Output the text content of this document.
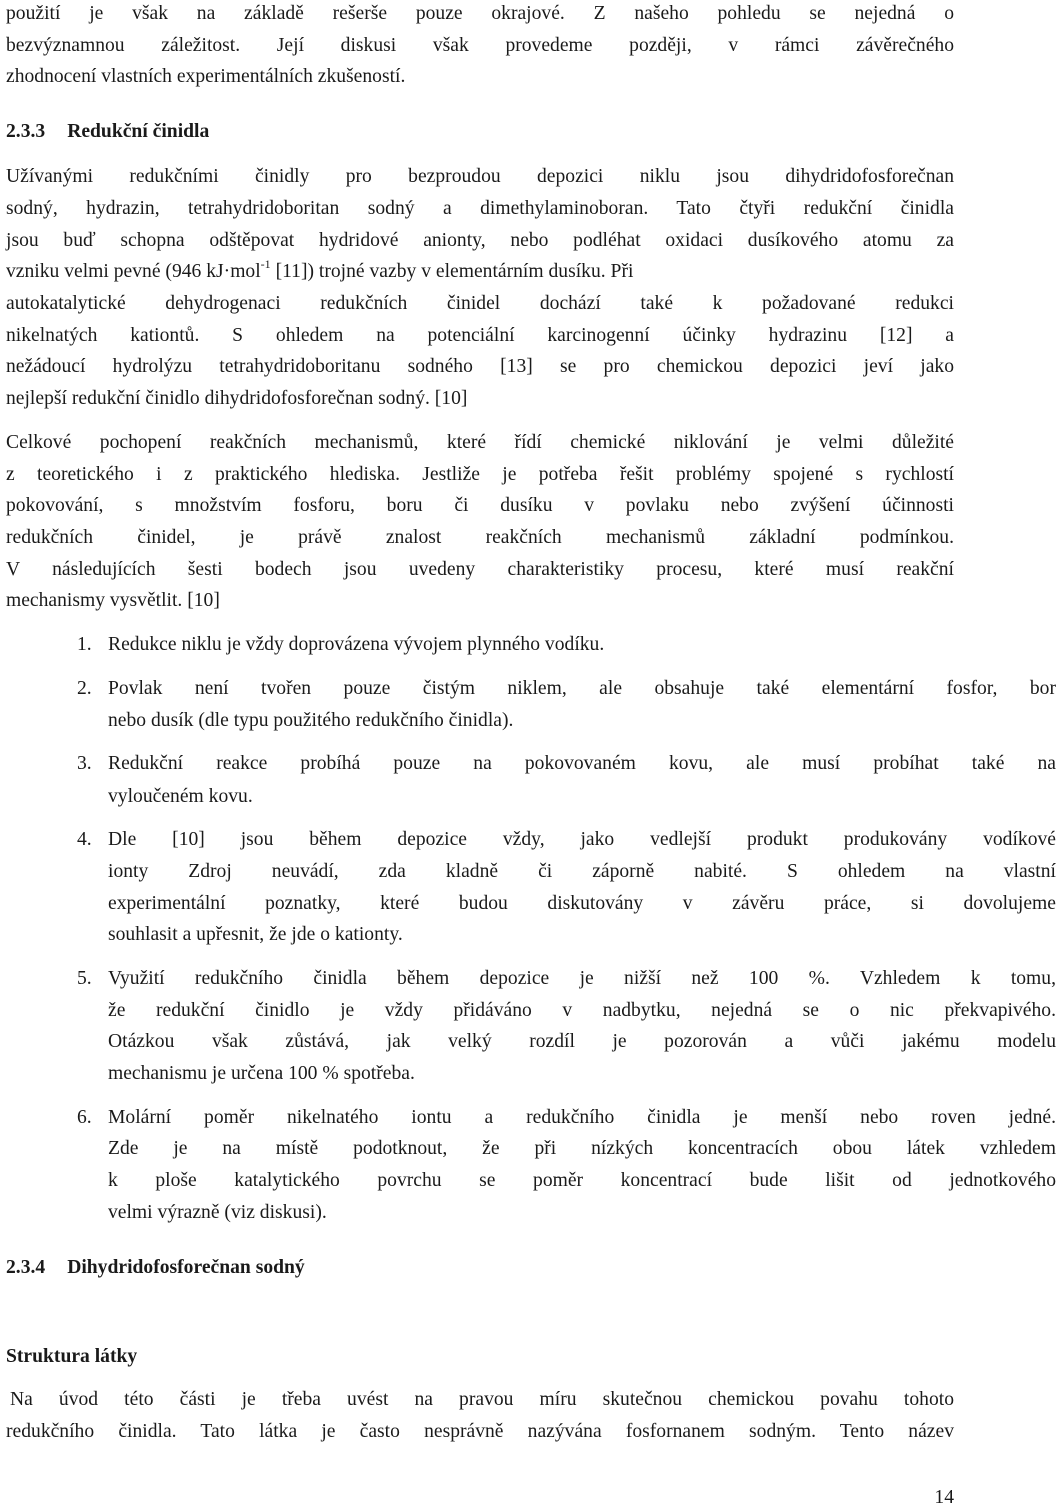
použití je však na základě rešerše pouze okrajové. Z našeho pohledu se nejedná o
bezvýznamnou záležitost. Její diskusi však provedeme později, v rámci závěrečného
zhodnocení vlastních experimentálních zkušeností.
2.3.3 Redukční činidla
Užívanými redukčními činidly pro bezproudou depozici niklu jsou dihydridofosforečnan
sodný, hydrazin, tetrahydridoboritan sodný a dimethylaminoboran. Tato čtyři redukční činidla
jsou buď schopna odštěpovat hydridové anionty, nebo podléhat oxidaci dusíkového atomu za
vzniku velmi pevné (946 kJ·mol$^{-1}$ [11]) trojné vazby v elementárním dusíku. Při
autokatalytické dehydrogenaci redukčních činidel dochází také k požadované redukci
nikelnatých kationtů. S ohledem na potenciální karcinogenní účinky hydrazinu [12] a
nežádoucí hydrolýzu tetrahydridoboritanu sodného [13] se pro chemickou depozici jeví jako
nejlepší redukční činidlo dihydridofosforečnan sodný. [10]
Celkové pochopení reakčních mechanismů, které řídí chemické niklování je velmi důležité
z teoretického i z praktického hlediska. Jestliže je potřeba řešit problémy spojené s rychlostí
pokovování, s množstvím fosforu, boru či dusíku v povlaku nebo zvýšení účinnosti
redukčních činidel, je právě znalost reakčních mechanismů základní podmínkou.
V následujících šesti bodech jsou uvedeny charakteristiky procesu, které musí reakční
mechanismy vysvětlit. [10]
1. Redukce niklu je vždy doprovázena vývojem plynného vodíku.
2. Povlak není tvořen pouze čistým niklem, ale obsahuje také elementární fosfor, bor
nebo dusík (dle typu použitého redukčního činidla).
3. Redukční reakce probíhá pouze na pokovovaném kovu, ale musí probíhat také na
vyloučeném kovu.
4. Dle [10] jsou během depozice vždy, jako vedlejší produkt produkovány vodíkové
ionty Zdroj neuvádí, zda kladně či záporně nabité. S ohledem na vlastní
experimentální poznatky, které budou diskutovány v závěru práce, si dovolujeme
souhlasit a upřesnit, že jde o kationty.
5. Využití redukčního činidla během depozice je nižší než 100 %. Vzhledem k tomu,
že redukční činidlo je vždy přidáváno v nadbytku, nejedná se o nic překvapivého.
Otázkou však zůstává, jak velký rozdíl je pozorován a vůči jakému modelu
mechanismu je určena 100 % spotřeba.
6. Molární poměr nikelnatého iontu a redukčního činidla je menší nebo roven jedné.
Zde je na místě podotknout, že při nízkých koncentracích obou látek vzhledem
k ploše katalytického povrchu se poměr koncentrací bude lišit od jednotkového
velmi výrazně (viz diskusi).
2.3.4 Dihydridofosforečnan sodný
Struktura látky
Na úvod této části je třeba uvést na pravou míru skutečnou chemickou povahu tohoto
redukčního činidla. Tato látka je často nesprávně nazývána fosfornanem sodným. Tento název
14
